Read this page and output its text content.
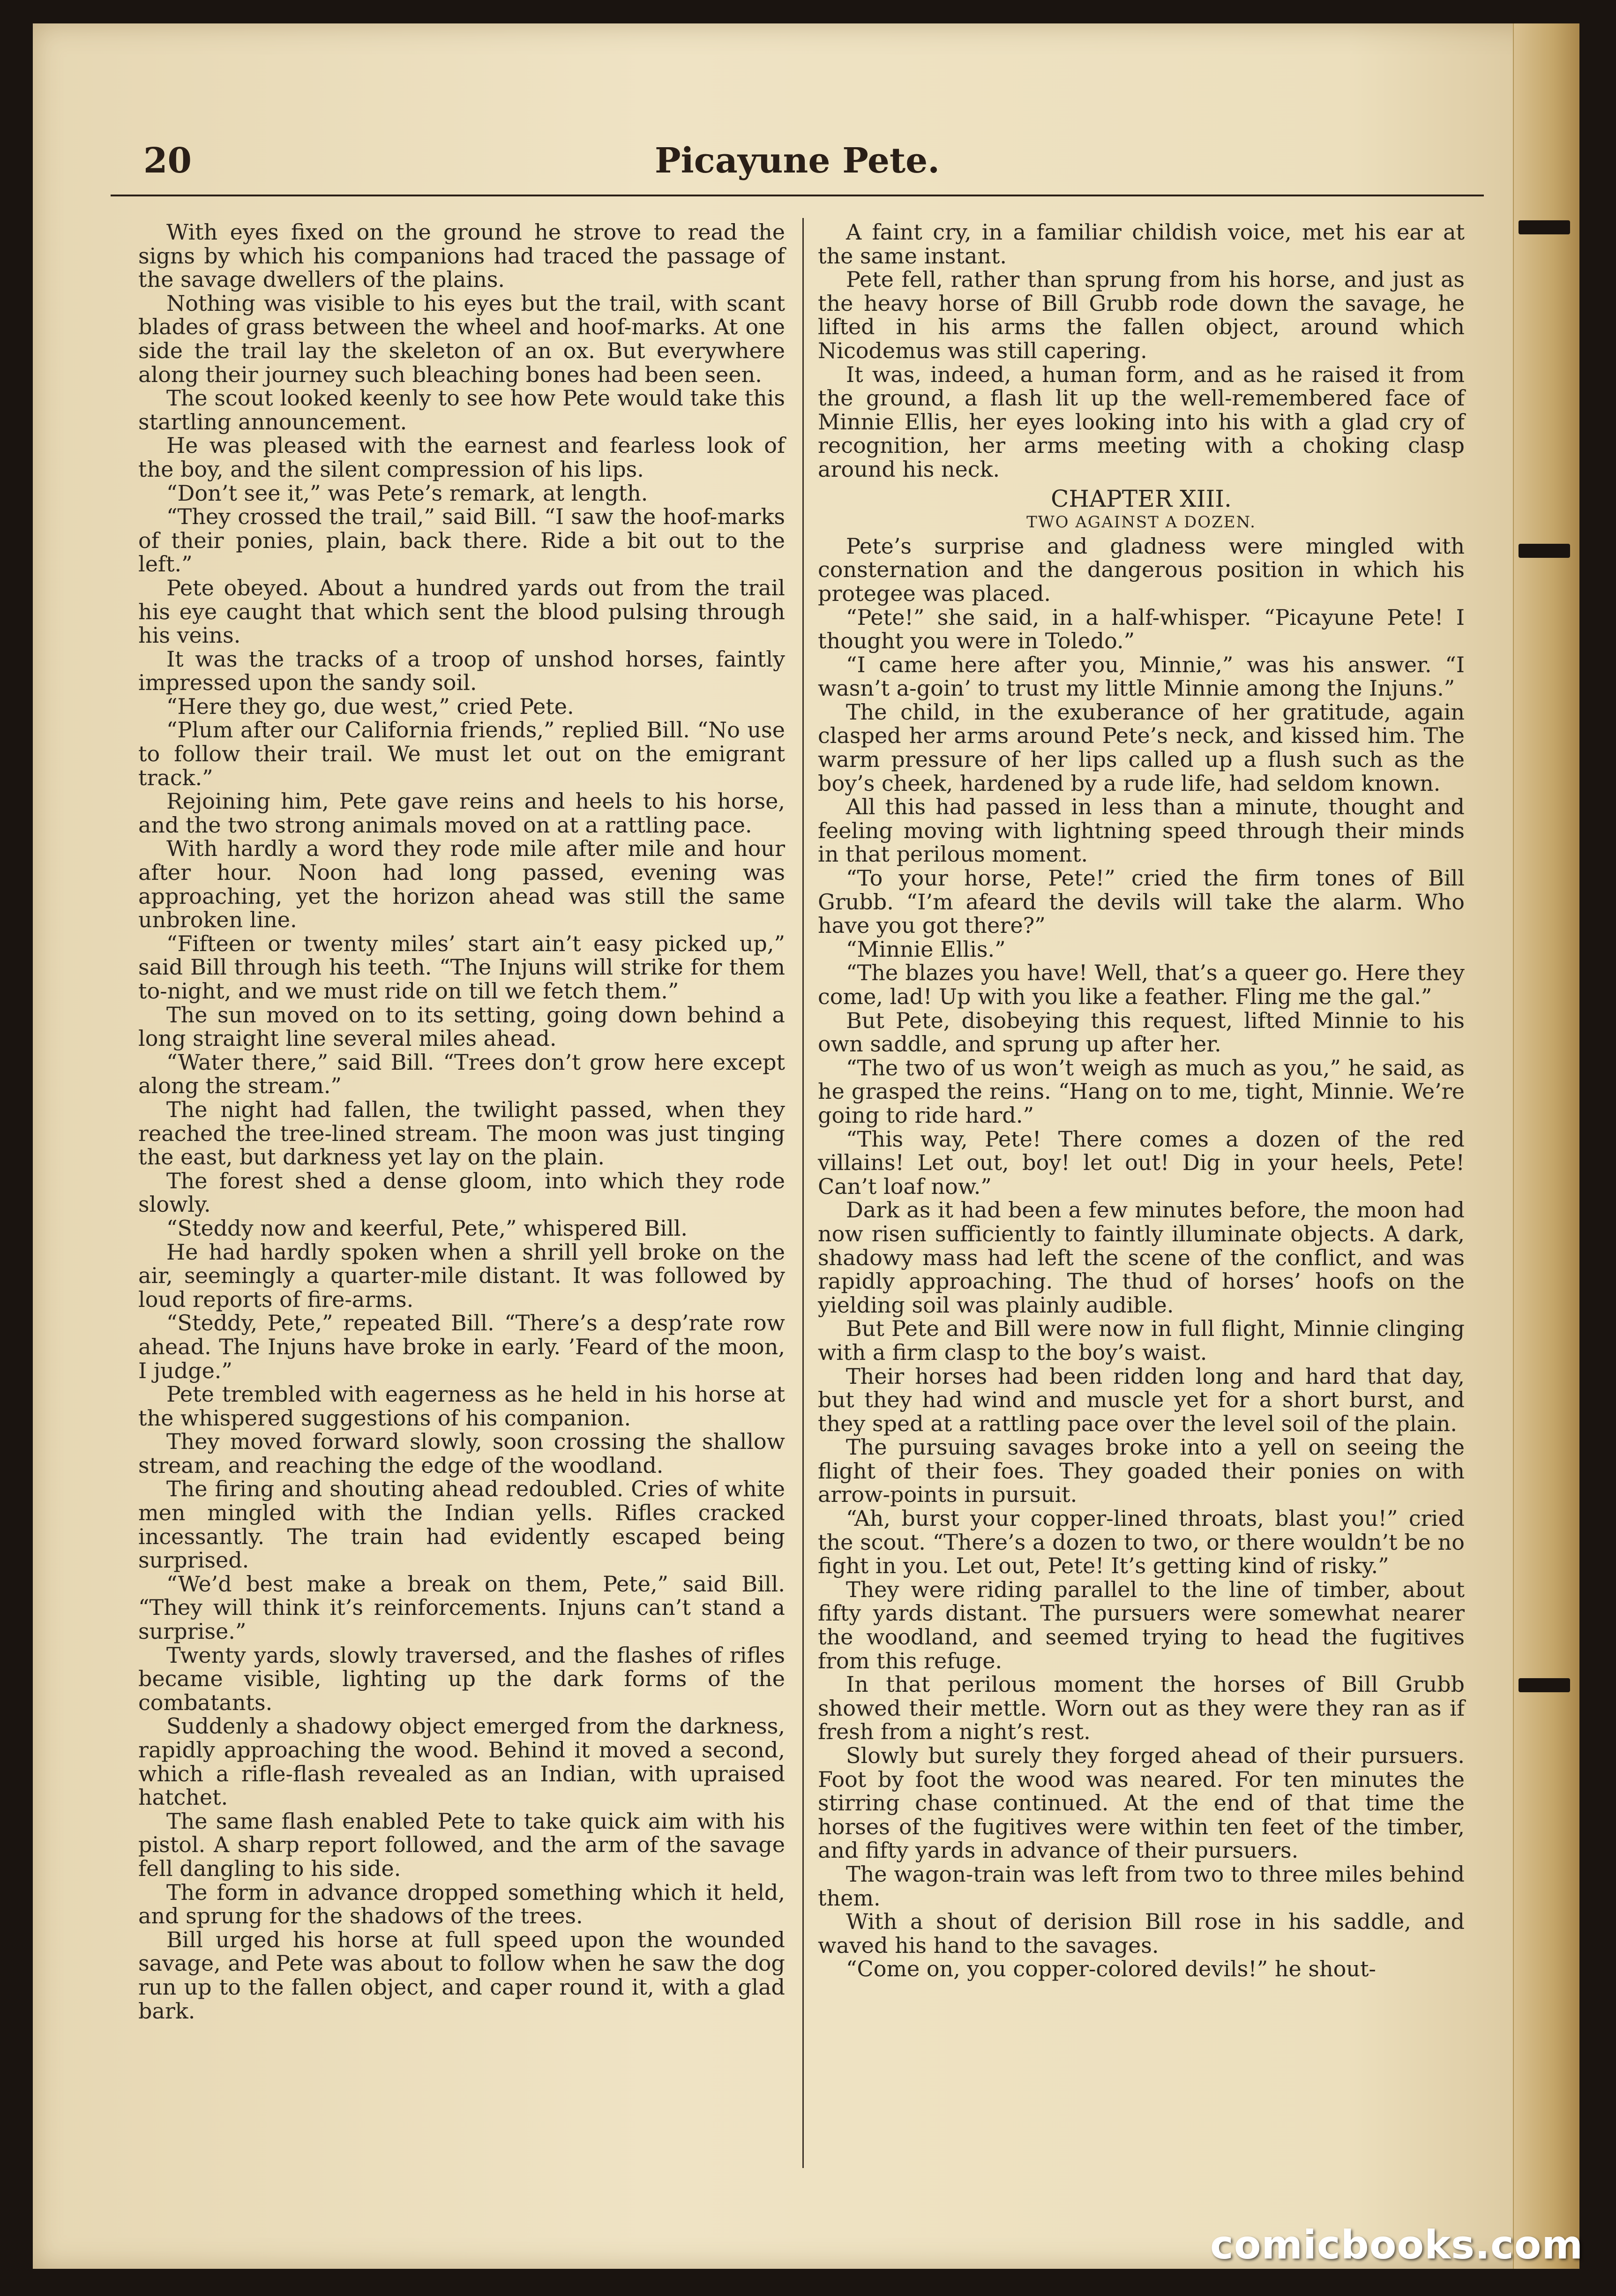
Picayune Pete.
20

With eyes fixed on the ground he strove to read the signs by which his companions had traced the passage of the savage dwellers of the plains.

Nothing was visible to his eyes but the trail, with scant blades of grass between the wheel and hoof-marks. At one side the trail lay the skeleton of an ox. But everywhere along their journey such bleaching bones had been seen.

The scout looked keenly to see how Pete would take this startling announcement.

He was pleased with the earnest and fearless look of the boy, and the silent compression of his lips.

“Don’t see it,” was Pete’s remark, at length.

“They crossed the trail,” said Bill. “I saw the hoof-marks of their ponies, plain, back there. Ride a bit out to the left.”

Pete obeyed. About a hundred yards out from the trail his eye caught that which sent the blood pulsing through his veins.

It was the tracks of a troop of unshod horses, faintly impressed upon the sandy soil.

“Here they go, due west,” cried Pete.

“Plum after our California friends,” replied Bill. “No use to follow their trail. We must let out on the emigrant track.”

Rejoining him, Pete gave reins and heels to his horse, and the two strong animals moved on at a rattling pace.

With hardly a word they rode mile after mile and hour after hour. Noon had long passed, evening was approaching, yet the horizon ahead was still the same unbroken line.

“Fifteen or twenty miles’ start ain’t easy picked up,” said Bill through his teeth. “The Injuns will strike for them to-night, and we must ride on till we fetch them.”

The sun moved on to its setting, going down behind a long straight line several miles ahead.

“Water there,” said Bill. “Trees don’t grow here except along the stream.”

The night had fallen, the twilight passed, when they reached the tree-lined stream. The moon was just tinging the east, but darkness yet lay on the plain.

The forest shed a dense gloom, into which they rode slowly.

“Steddy now and keerful, Pete,” whispered Bill.

He had hardly spoken when a shrill yell broke on the air, seemingly a quarter-mile distant. It was followed by loud reports of fire-arms.

“Steddy, Pete,” repeated Bill. “There’s a desp’rate row ahead. The Injuns have broke in early. ’Feard of the moon, I judge.”

Pete trembled with eagerness as he held in his horse at the whispered suggestions of his companion.

They moved forward slowly, soon crossing the shallow stream, and reaching the edge of the woodland.

The firing and shouting ahead redoubled. Cries of white men mingled with the Indian yells. Rifles cracked incessantly. The train had evidently escaped being surprised.

“We’d best make a break on them, Pete,” said Bill. “They will think it’s reinforcements. Injuns can’t stand a surprise.”

Twenty yards, slowly traversed, and the flashes of rifles became visible, lighting up the dark forms of the combatants.

Suddenly a shadowy object emerged from the darkness, rapidly approaching the wood. Behind it moved a second, which a rifle-flash revealed as an Indian, with upraised hatchet.

The same flash enabled Pete to take quick aim with his pistol. A sharp report followed, and the arm of the savage fell dangling to his side.

The form in advance dropped something which it held, and sprung for the shadows of the trees.

Bill urged his horse at full speed upon the wounded savage, and Pete was about to follow when he saw the dog run up to the fallen object, and caper round it, with a glad bark.

A faint cry, in a familiar childish voice, met his ear at the same instant.

Pete fell, rather than sprung from his horse, and just as the heavy horse of Bill Grubb rode down the savage, he lifted in his arms the fallen object, around which Nicodemus was still capering.

It was, indeed, a human form, and as he raised it from the ground, a flash lit up the well-remembered face of Minnie Ellis, her eyes looking into his with a glad cry of recognition, her arms meeting with a choking clasp around his neck.

CHAPTER XIII.

TWO AGAINST A DOZEN.

Pete’s surprise and gladness were mingled with consternation and the dangerous position in which his protegee was placed.

“Pete!” she said, in a half-whisper. “Picayune Pete! I thought you were in Toledo.”

“I came here after you, Minnie,” was his answer. “I wasn’t a-goin’ to trust my little Minnie among the Injuns.”

The child, in the exuberance of her gratitude, again clasped her arms around Pete’s neck, and kissed him. The warm pressure of her lips called up a flush such as the boy’s cheek, hardened by a rude life, had seldom known.

All this had passed in less than a minute, thought and feeling moving with lightning speed through their minds in that perilous moment.

“To your horse, Pete!” cried the firm tones of Bill Grubb. “I’m afeard the devils will take the alarm. Who have you got there?”

“Minnie Ellis.”

“The blazes you have! Well, that’s a queer go. Here they come, lad! Up with you like a feather. Fling me the gal.”

But Pete, disobeying this request, lifted Minnie to his own saddle, and sprung up after her.

“The two of us won’t weigh as much as you,” he said, as he grasped the reins. “Hang on to me, tight, Minnie. We’re going to ride hard.”

“This way, Pete! There comes a dozen of the red villains! Let out, boy! let out! Dig in your heels, Pete! Can’t loaf now.”

Dark as it had been a few minutes before, the moon had now risen sufficiently to faintly illuminate objects. A dark, shadowy mass had left the scene of the conflict, and was rapidly approaching. The thud of horses’ hoofs on the yielding soil was plainly audible.

But Pete and Bill were now in full flight, Minnie clinging with a firm clasp to the boy’s waist.

Their horses had been ridden long and hard that day, but they had wind and muscle yet for a short burst, and they sped at a rattling pace over the level soil of the plain.

The pursuing savages broke into a yell on seeing the flight of their foes. They goaded their ponies on with arrow-points in pursuit.

“Ah, burst your copper-lined throats, blast you!” cried the scout. “There’s a dozen to two, or there wouldn’t be no fight in you. Let out, Pete! It’s getting kind of risky.”

They were riding parallel to the line of timber, about fifty yards distant. The pursuers were somewhat nearer the woodland, and seemed trying to head the fugitives from this refuge.

In that perilous moment the horses of Bill Grubb showed their mettle. Worn out as they were they ran as if fresh from a night’s rest.

Slowly but surely they forged ahead of their pursuers. Foot by foot the wood was neared. For ten minutes the stirring chase continued. At the end of that time the horses of the fugitives were within ten feet of the timber, and fifty yards in advance of their pursuers.

The wagon-train was left from two to three miles behind them.

With a shout of derision Bill rose in his saddle, and waved his hand to the savages.

“Come on, you copper-colored devils!” he shout-

comicbooks.com
